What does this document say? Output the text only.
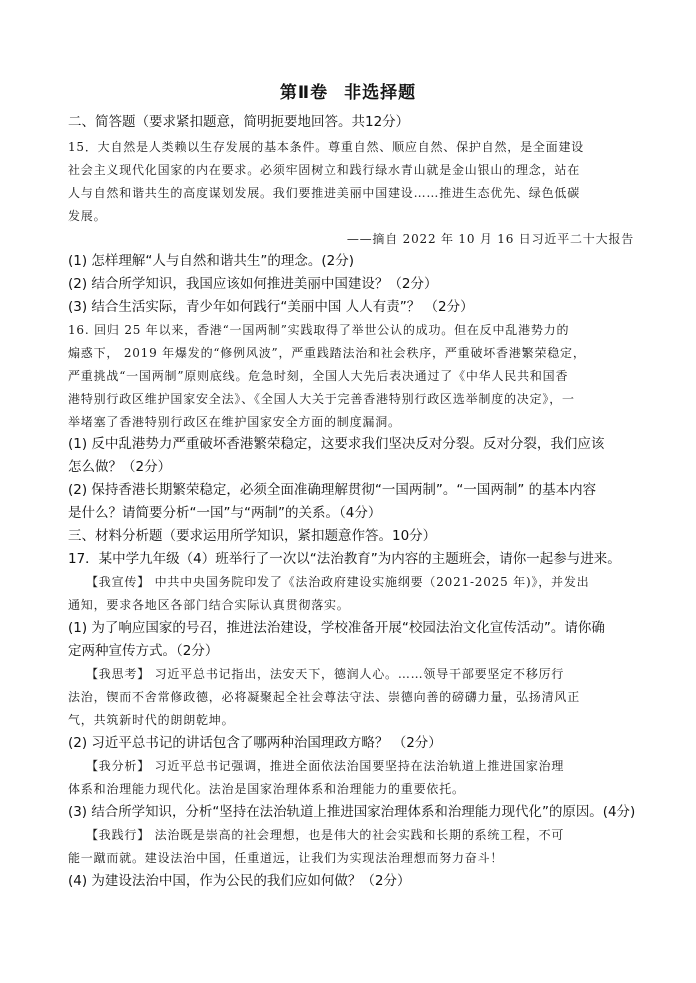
第Ⅱ卷 非选择题
二、简答题（要求紧扣题意，简明扼要地回答。共12分）
15．大自然是人类赖以生存发展的基本条件。尊重自然、顺应自然、保护自然，是全面建设
社会主义现代化国家的内在要求。必须牢固树立和践行绿水青山就是金山银山的理念，站在
人与自然和谐共生的高度谋划发展。我们要推进美丽中国建设……推进生态优先、绿色低碳
发展。
——摘自 2022 年 10 月 16 日习近平二十大报告
(1) 怎样理解“人与自然和谐共生”的理念。(2分)
(2) 结合所学知识，我国应该如何推进美丽中国建设？（2分）
(3) 结合生活实际，青少年如何践行“美丽中国 人人有责”？ （2分）
16. 回归 25 年以来，香港“一国两制”实践取得了举世公认的成功。但在反中乱港势力的
煽惑下， 2019 年爆发的“修例风波”，严重践踏法治和社会秩序，严重破坏香港繁荣稳定，
严重挑战“一国两制”原则底线。危急时刻，全国人大先后表决通过了《中华人民共和国香
港特别行政区维护国家安全法》、《全国人大关于完善香港特别行政区选举制度的决定》，一
举堵塞了香港特别行政区在维护国家安全方面的制度漏洞。
(1) 反中乱港势力严重破坏香港繁荣稳定，这要求我们坚决反对分裂。反对分裂，我们应该
怎么做？（2分）
(2) 保持香港长期繁荣稳定，必须全面准确理解贯彻“一国两制”。“一国两制” 的基本内容
是什么？请简要分析“一国”与“两制”的关系。（4分）
三、材料分析题（要求运用所学知识，紧扣题意作答。10分）
17．某中学九年级（4）班举行了一次以“法治教育”为内容的主题班会，请你一起参与进来。
【我宣传】 中共中央国务院印发了《法治政府建设实施纲要（2021-2025 年)》，并发出
通知，要求各地区各部门结合实际认真贯彻落实。
(1) 为了响应国家的号召，推进法治建设，学校准备开展“校园法治文化宣传活动”。请你确
定两种宣传方式。（2分）
【我思考】 习近平总书记指出，法安天下，德润人心。……领导干部要坚定不移厉行
法治，锲而不舍常修政德，必将凝聚起全社会尊法守法、崇德向善的磅礴力量，弘扬清风正
气，共筑新时代的朗朗乾坤。
(2) 习近平总书记的讲话包含了哪两种治国理政方略？ （2分）
【我分析】 习近平总书记强调，推进全面依法治国要坚持在法治轨道上推进国家治理
体系和治理能力现代化。法治是国家治理体系和治理能力的重要依托。
(3) 结合所学知识，分析“坚持在法治轨道上推进国家治理体系和治理能力现代化”的原因。(4分)
【我践行】 法治既是崇高的社会理想，也是伟大的社会实践和长期的系统工程，不可
能一蹴而就。建设法治中国，任重道远，让我们为实现法治理想而努力奋斗！
(4) 为建设法治中国，作为公民的我们应如何做？（2分）
